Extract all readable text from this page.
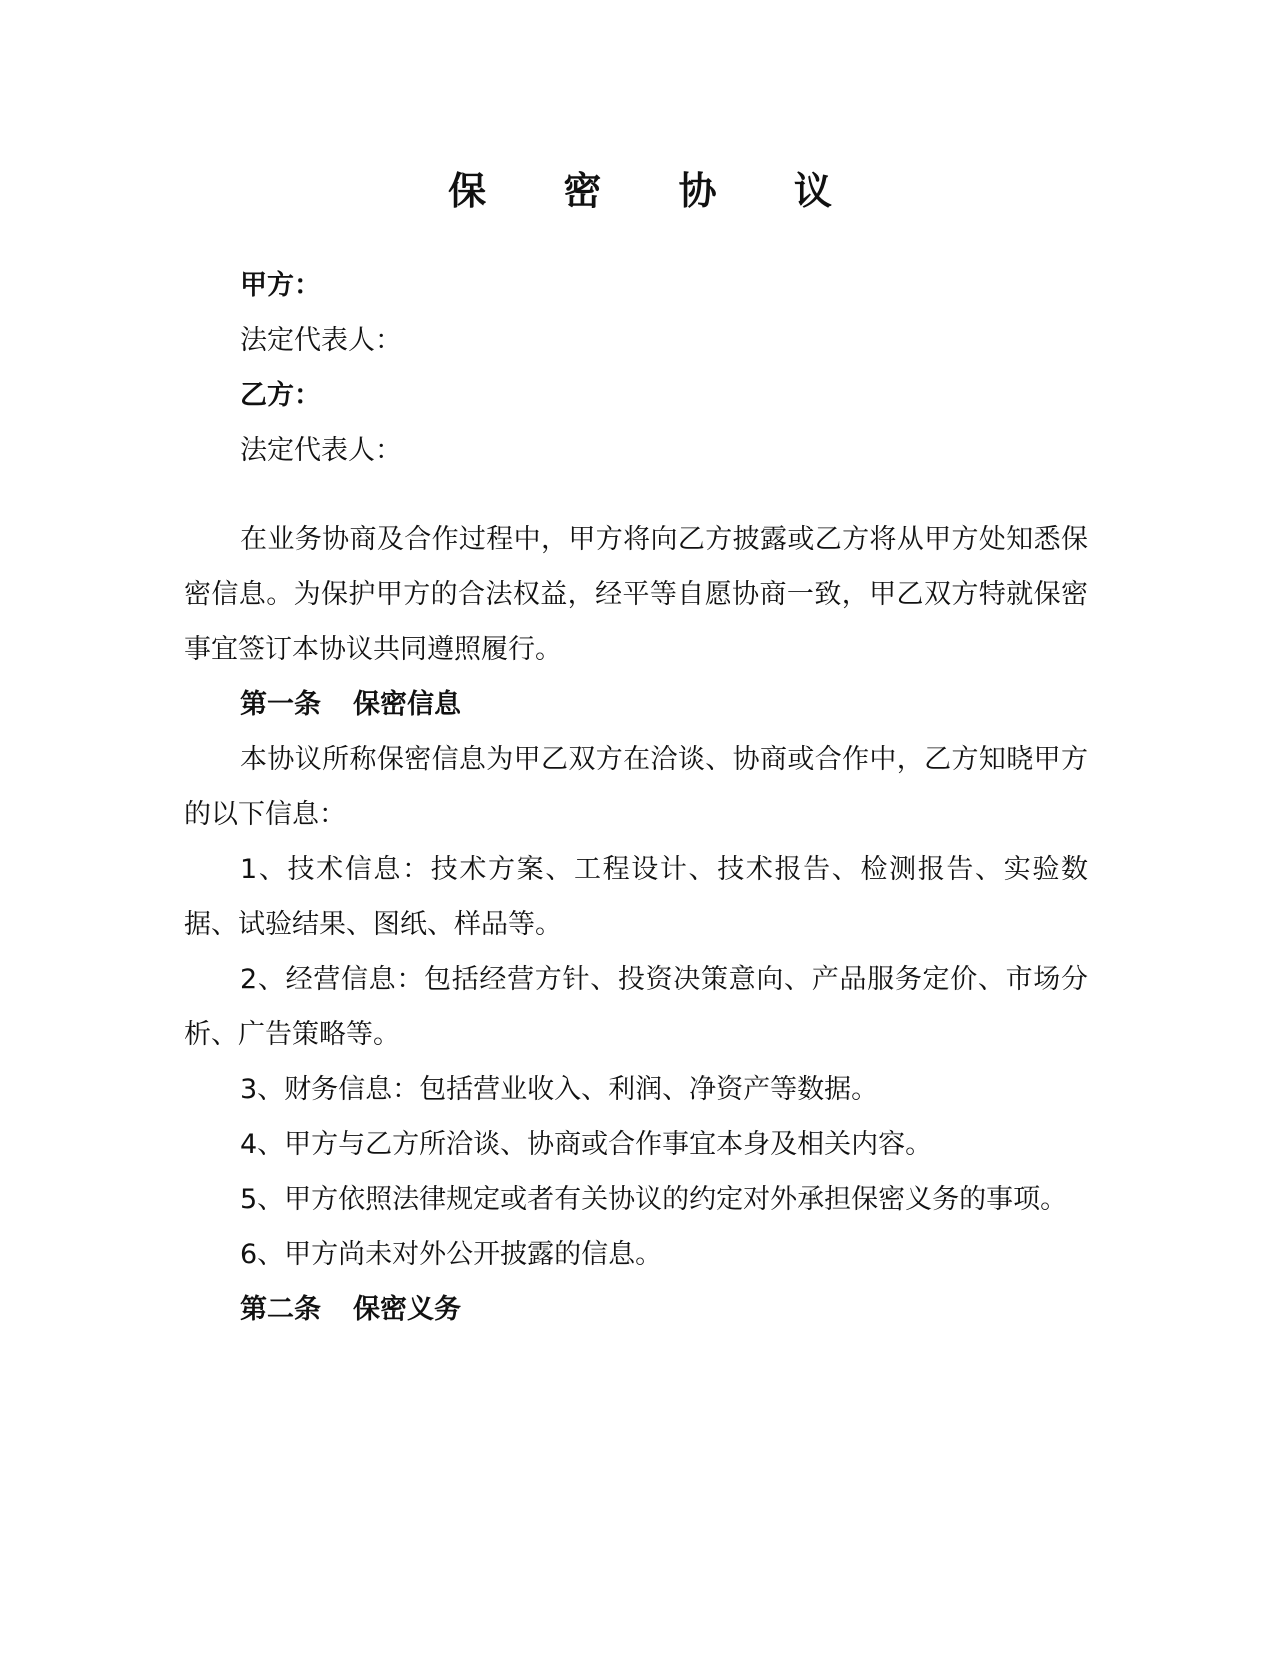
保 密 协 议

甲方：

法定代表人：

乙方：

法定代表人：

在业务协商及合作过程中，甲方将向乙方披露或乙方将从甲方处知悉保密信息。为保护甲方的合法权益，经平等自愿协商一致，甲乙双方特就保密事宜签订本协议共同遵照履行。

第一条 保密信息

本协议所称保密信息为甲乙双方在洽谈、协商或合作中，乙方知晓甲方的以下信息：

1、技术信息：技术方案、工程设计、技术报告、检测报告、实验数据、试验结果、图纸、样品等。

2、经营信息：包括经营方针、投资决策意向、产品服务定价、市场分析、广告策略等。

3、财务信息：包括营业收入、利润、净资产等数据。

4、甲方与乙方所洽谈、协商或合作事宜本身及相关内容。

5、甲方依照法律规定或者有关协议的约定对外承担保密义务的事项。

6、甲方尚未对外公开披露的信息。

第二条 保密义务
